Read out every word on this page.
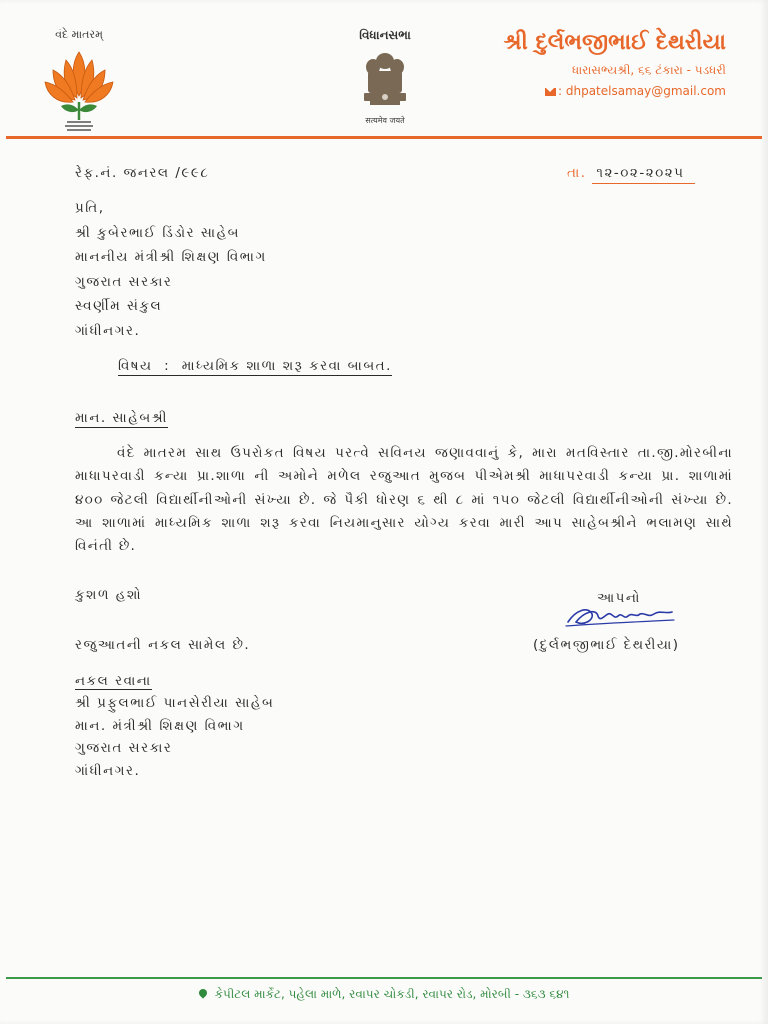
વંદે માતરમ્	વિધાનસભા
सत्यमेव जयते
શ્રી દુર્લભજીભાઈ દેથરીયા
ધારાસભ્યશ્રી, ૬૬ ટંકારા - પડધરી
: dhpatelsamay@gmail.com
રેફ.નં. જનરલ /૯૯૮	તા. ૧૨-૦૨-૨૦૨૫
પ્રતિ,
શ્રી કુબેરભાઈ ડિંડોર સાહેબ
માનનીય મંત્રીશ્રી શિક્ષણ વિભાગ
ગુજરાત સરકાર
સ્વર્ણીમ સંકુલ
ગાંધીનગર.
વિષય  :  માધ્યમિક શાળા શરૂ કરવા બાબત.
માન. સાહેબશ્રી
વંદે માતરમ સાથ ઉપરોકત વિષય પરત્વે સવિનય જણાવવાનું કે, મારા મતવિસ્તાર તા.જી.મોરબીના માધાપરવાડી કન્યા પ્રા.શાળા ની અમોને મળેલ રજુઆત મુજબ પીએમશ્રી માધાપરવાડી કન્યા પ્રા. શાળામાં ૪૦૦ જેટલી વિદ્યાર્થીનીઓની સંખ્યા છે. જે પૈકી ધોરણ ૬ થી ૮ માં ૧૫૦ જેટલી વિદ્યાર્થીનીઓની સંખ્યા છે. આ શાળામાં માધ્યમિક શાળા શરૂ કરવા નિયમાનુસાર યોગ્ય કરવા મારી આપ સાહેબશ્રીને ભલામણ સાથે વિનંતી છે.
કુશળ હશો	આપનો
રજુઆતની નકલ સામેલ છે.	(દુર્લભજીભાઈ દેથરીયા)
નકલ રવાના
શ્રી પ્રફુલભાઈ પાનસેરીયા સાહેબ
માન. મંત્રીશ્રી શિક્ષણ વિભાગ
ગુજરાત સરકાર
ગાંધીનગર.
કેપીટલ માર્કેટ, પહેલા માળે, રવાપર ચોકડી, રવાપર રોડ, મોરબી - ૩૬૩ ૬૪૧
